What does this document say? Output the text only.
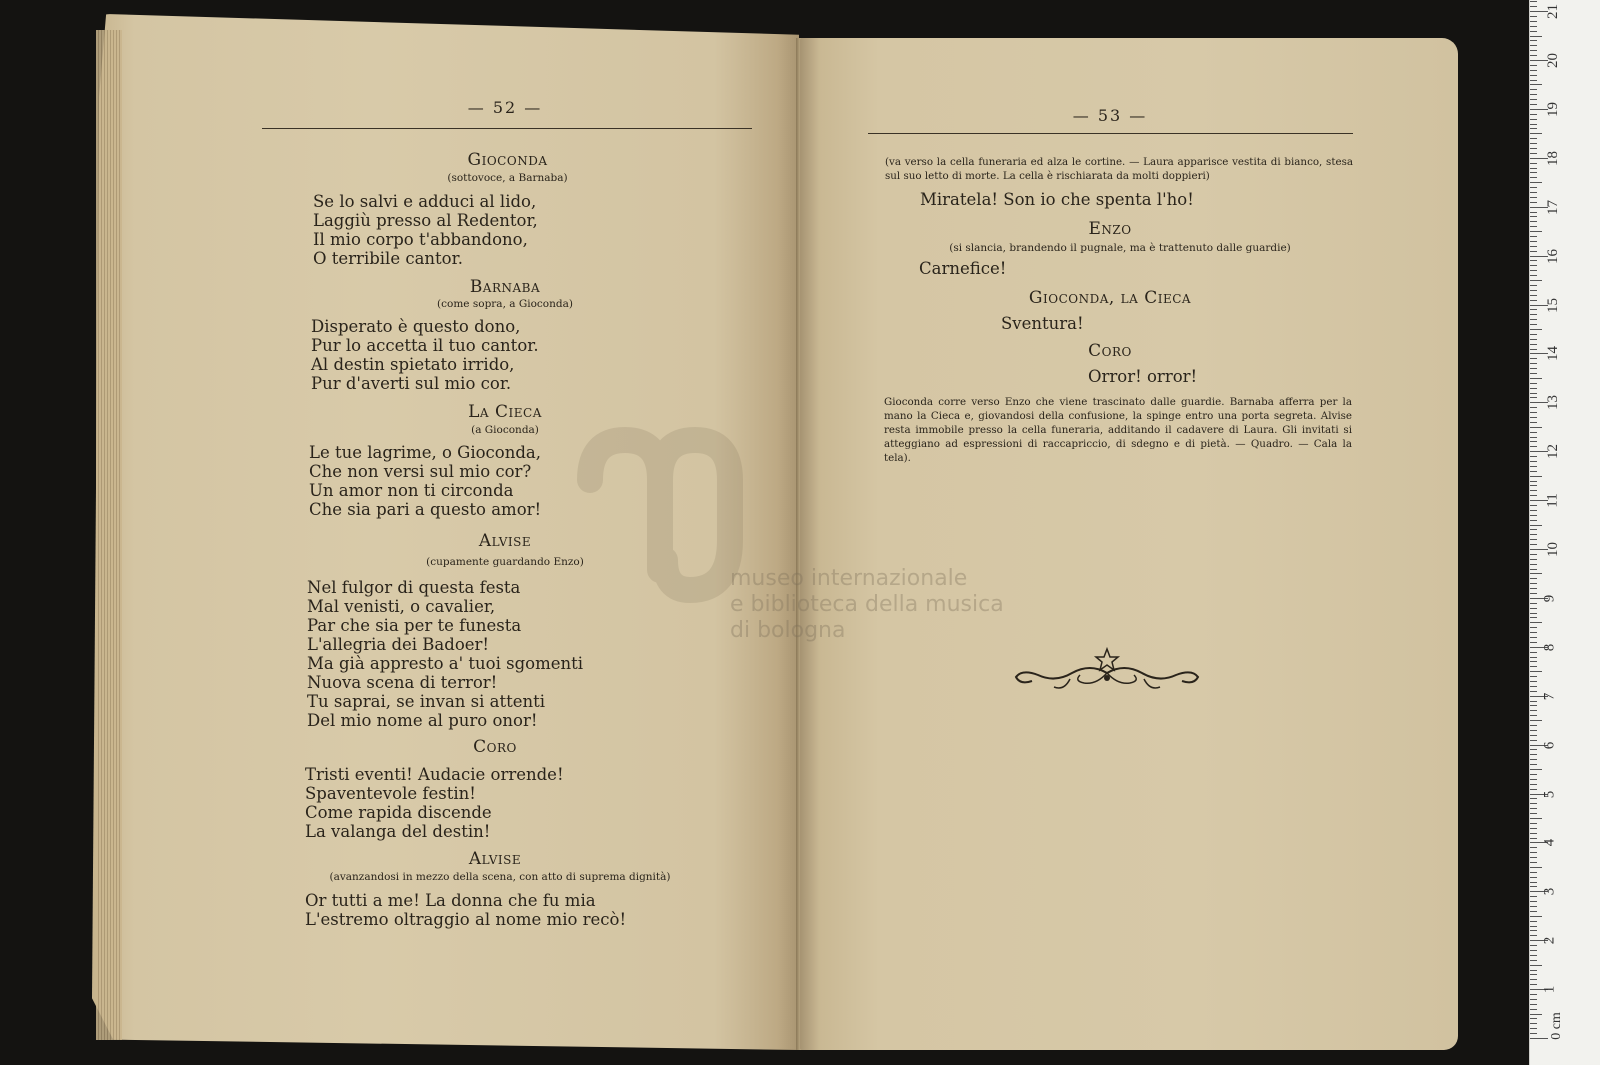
museo internazionale
e biblioteca della musica
di bologna
— 52 —
Gioconda
(sottovoce, a Barnaba)
Se lo salvi e adduci al lido,
Laggiù presso al Redentor,
Il mio corpo t'abbandono,
O terribile cantor.
Barnaba
(come sopra, a Gioconda)
Disperato è questo dono,
Pur lo accetta il tuo cantor.
Al destin spietato irrido,
Pur d'averti sul mio cor.
La Cieca
(a Gioconda)
Le tue lagrime, o Gioconda,
Che non versi sul mio cor?
Un amor non ti circonda
Che sia pari a questo amor!
Alvise
(cupamente guardando Enzo)
Nel fulgor di questa festa
Mal venisti, o cavalier,
Par che sia per te funesta
L'allegria dei Badoer!
Ma già appresto a' tuoi sgomenti
Nuova scena di terror!
Tu saprai, se invan si attenti
Del mio nome al puro onor!
Coro
Tristi eventi! Audacie orrende!
Spaventevole festin!
Come rapida discende
La valanga del destin!
Alvise
(avanzandosi in mezzo della scena, con atto di suprema dignità)
Or tutti a me! La donna che fu mia
L'estremo oltraggio al nome mio recò!
— 53 —
(va verso la cella funeraria ed alza le cortine. — Laura apparisce vestita di bianco, stesa sul suo letto di morte. La cella è rischiarata da molti doppieri)
Miratela! Son io che spenta l'ho!
Enzo
(si slancia, brandendo il pugnale, ma è trattenuto dalle guardie)
Carnefice!
Gioconda, la Cieca
Sventura!
Coro
Orror! orror!
Gioconda corre verso Enzo che viene trascinato dalle guardie. Barnaba afferra per la mano la Cieca e, giovandosi della confusione, la spinge entro una porta segreta. Alvise resta immobile presso la cella funeraria, additando il cadavere di Laura. Gli invitati si atteggiano ad espressioni di raccapriccio, di sdegno e di pietà. — Quadro. — Cala la tela).
0 cm
1
2
3
4
5
6
7
8
9
10
11
12
13
14
15
16
17
18
19
20
21
